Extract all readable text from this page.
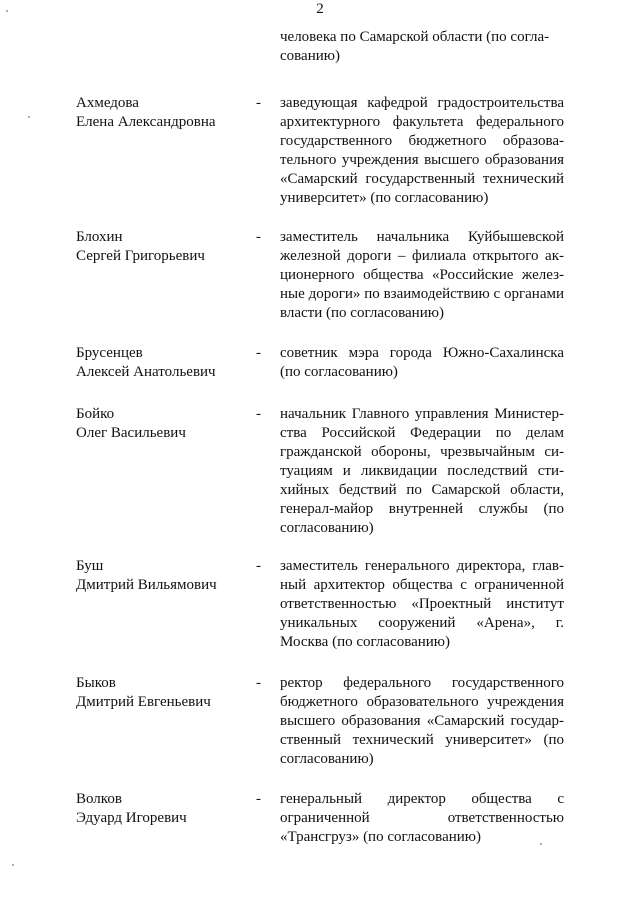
2
человека по Самарской области (по согла-
сованию)
Ахмедова
Елена Александровна
-	заведующая кафедрой градостроительства архитектурного факультета федерального государственного бюджетного образовательного учреждения высшего образования «Самарский государственный технический университет» (по согласованию)
Блохин
Сергей Григорьевич
-	заместитель начальника Куйбышевской железной дороги – филиала открытого акционерного общества «Российские железные дороги» по взаимодействию с органами власти (по согласованию)
Брусенцев
Алексей Анатольевич
-	советник мэра города Южно-Сахалинска (по согласованию)
Бойко
Олег Васильевич
-	начальник Главного управления Министерства Российской Федерации по делам гражданской обороны, чрезвычайным ситуациям и ликвидации последствий стихийных бедствий по Самарской области, генерал-майор внутренней службы (по согласованию)
Буш
Дмитрий Вильямович
-	заместитель генерального директора, главный архитектор общества с ограниченной ответственностью «Проектный институт уникальных сооружений «Арена», г. Москва (по согласованию)
Быков
Дмитрий Евгеньевич
-	ректор федерального государственного бюджетного образовательного учреждения высшего образования «Самарский государственный технический университет» (по согласованию)
Волков
Эдуард Игоревич
-	генеральный директор общества с ограниченной ответственностью «Трансгруз» (по согласованию)
